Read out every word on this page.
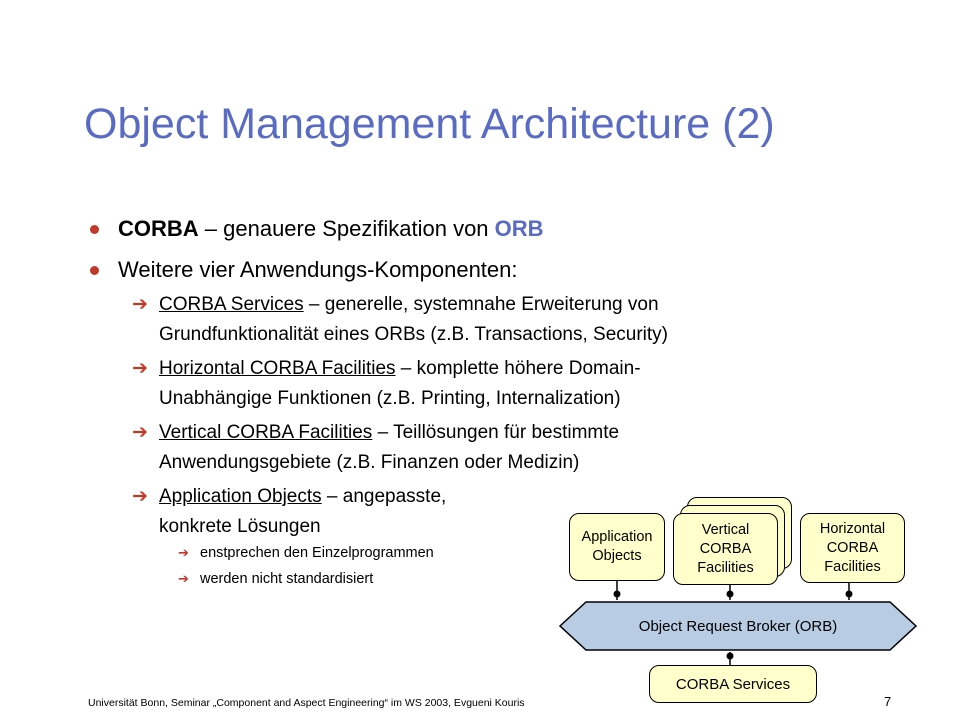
Object Management Architecture (2)
CORBA – genauere Spezifikation von ORB
Weitere vier Anwendungs-Komponenten:
➔ CORBA Services – generelle, systemnahe Erweiterung von
Grundfunktionalität eines ORBs (z.B. Transactions, Security)
➔ Horizontal CORBA Facilities – komplette höhere Domain-
Unabhängige Funktionen (z.B. Printing, Internalization)
➔ Vertical CORBA Facilities – Teillösungen für bestimmte
Anwendungsgebiete (z.B. Finanzen oder Medizin)
➔ Application Objects – angepasste,
konkrete Lösungen
➔ enstprechen den Einzelprogrammen
➔ werden nicht standardisiert
Object Request Broker (ORB)
Application Objects
Vertical CORBA Facilities
Horizontal CORBA Facilities
CORBA Services
Universität Bonn, Seminar „Component and Aspect Engineering“ im WS 2003, Evgueni Kouris	7
